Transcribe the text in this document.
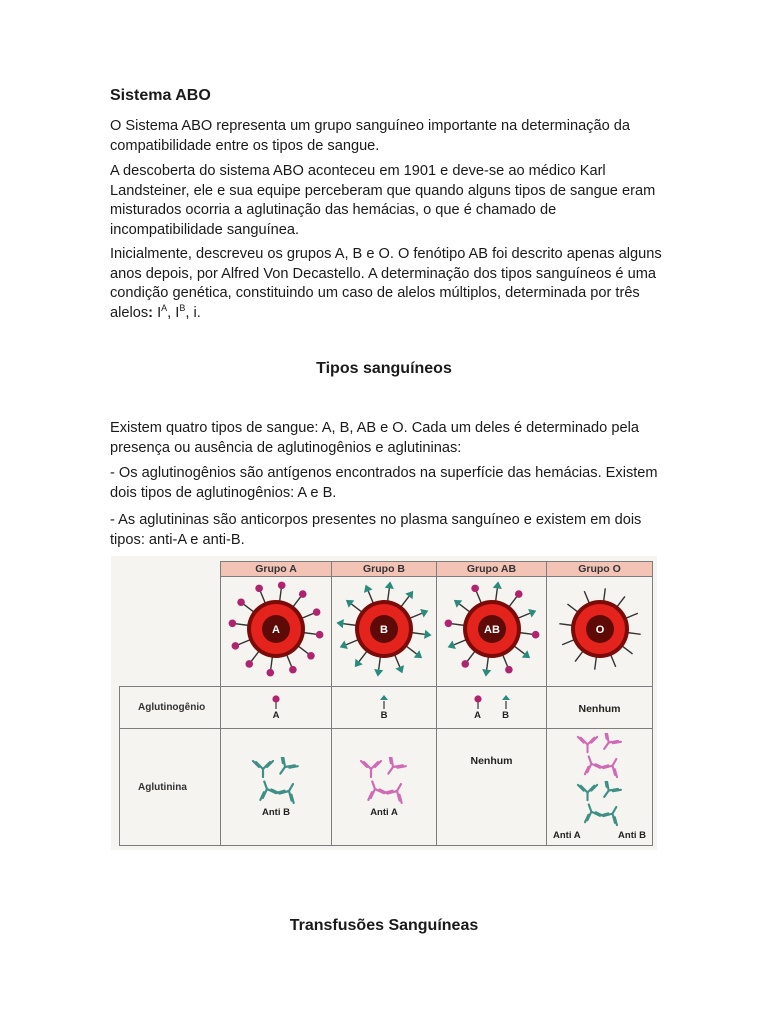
Sistema ABO

O Sistema ABO representa um grupo sanguíneo importante na determinação da compatibilidade entre os tipos de sangue.

A descoberta do sistema ABO aconteceu em 1901 e deve-se ao médico Karl Landsteiner, ele e sua equipe perceberam que quando alguns tipos de sangue eram misturados ocorria a aglutinação das hemácias, o que é chamado de incompatibilidade sanguínea.

Inicialmente, descreveu os grupos A, B e O. O fenótipo AB foi descrito apenas alguns anos depois, por Alfred Von Decastello. A determinação dos tipos sanguíneos é uma condição genética, constituindo um caso de alelos múltiplos, determinada por três alelos: $I^A$, $I^B$, i.

Tipos sanguíneos

Existem quatro tipos de sangue: A, B, AB e O. Cada um deles é determinado pela presença ou ausência de aglutinogênios e aglutininas:

- Os aglutinogênios são antígenos encontrados na superfície das hemácias. Existem dois tipos de aglutinogênios: A e B.

- As aglutininas são anticorpos presentes no plasma sanguíneo e existem em dois tipos: anti-A e anti-B.

	Grupo A	Grupo B	Grupo AB	Grupo O

A	B	AB	O

Aglutinogênio	A	B	A B	Nenhum
Aglutinina	Anti B	Anti A	Nenhum	Anti A Anti B
Transfusões Sanguíneas
